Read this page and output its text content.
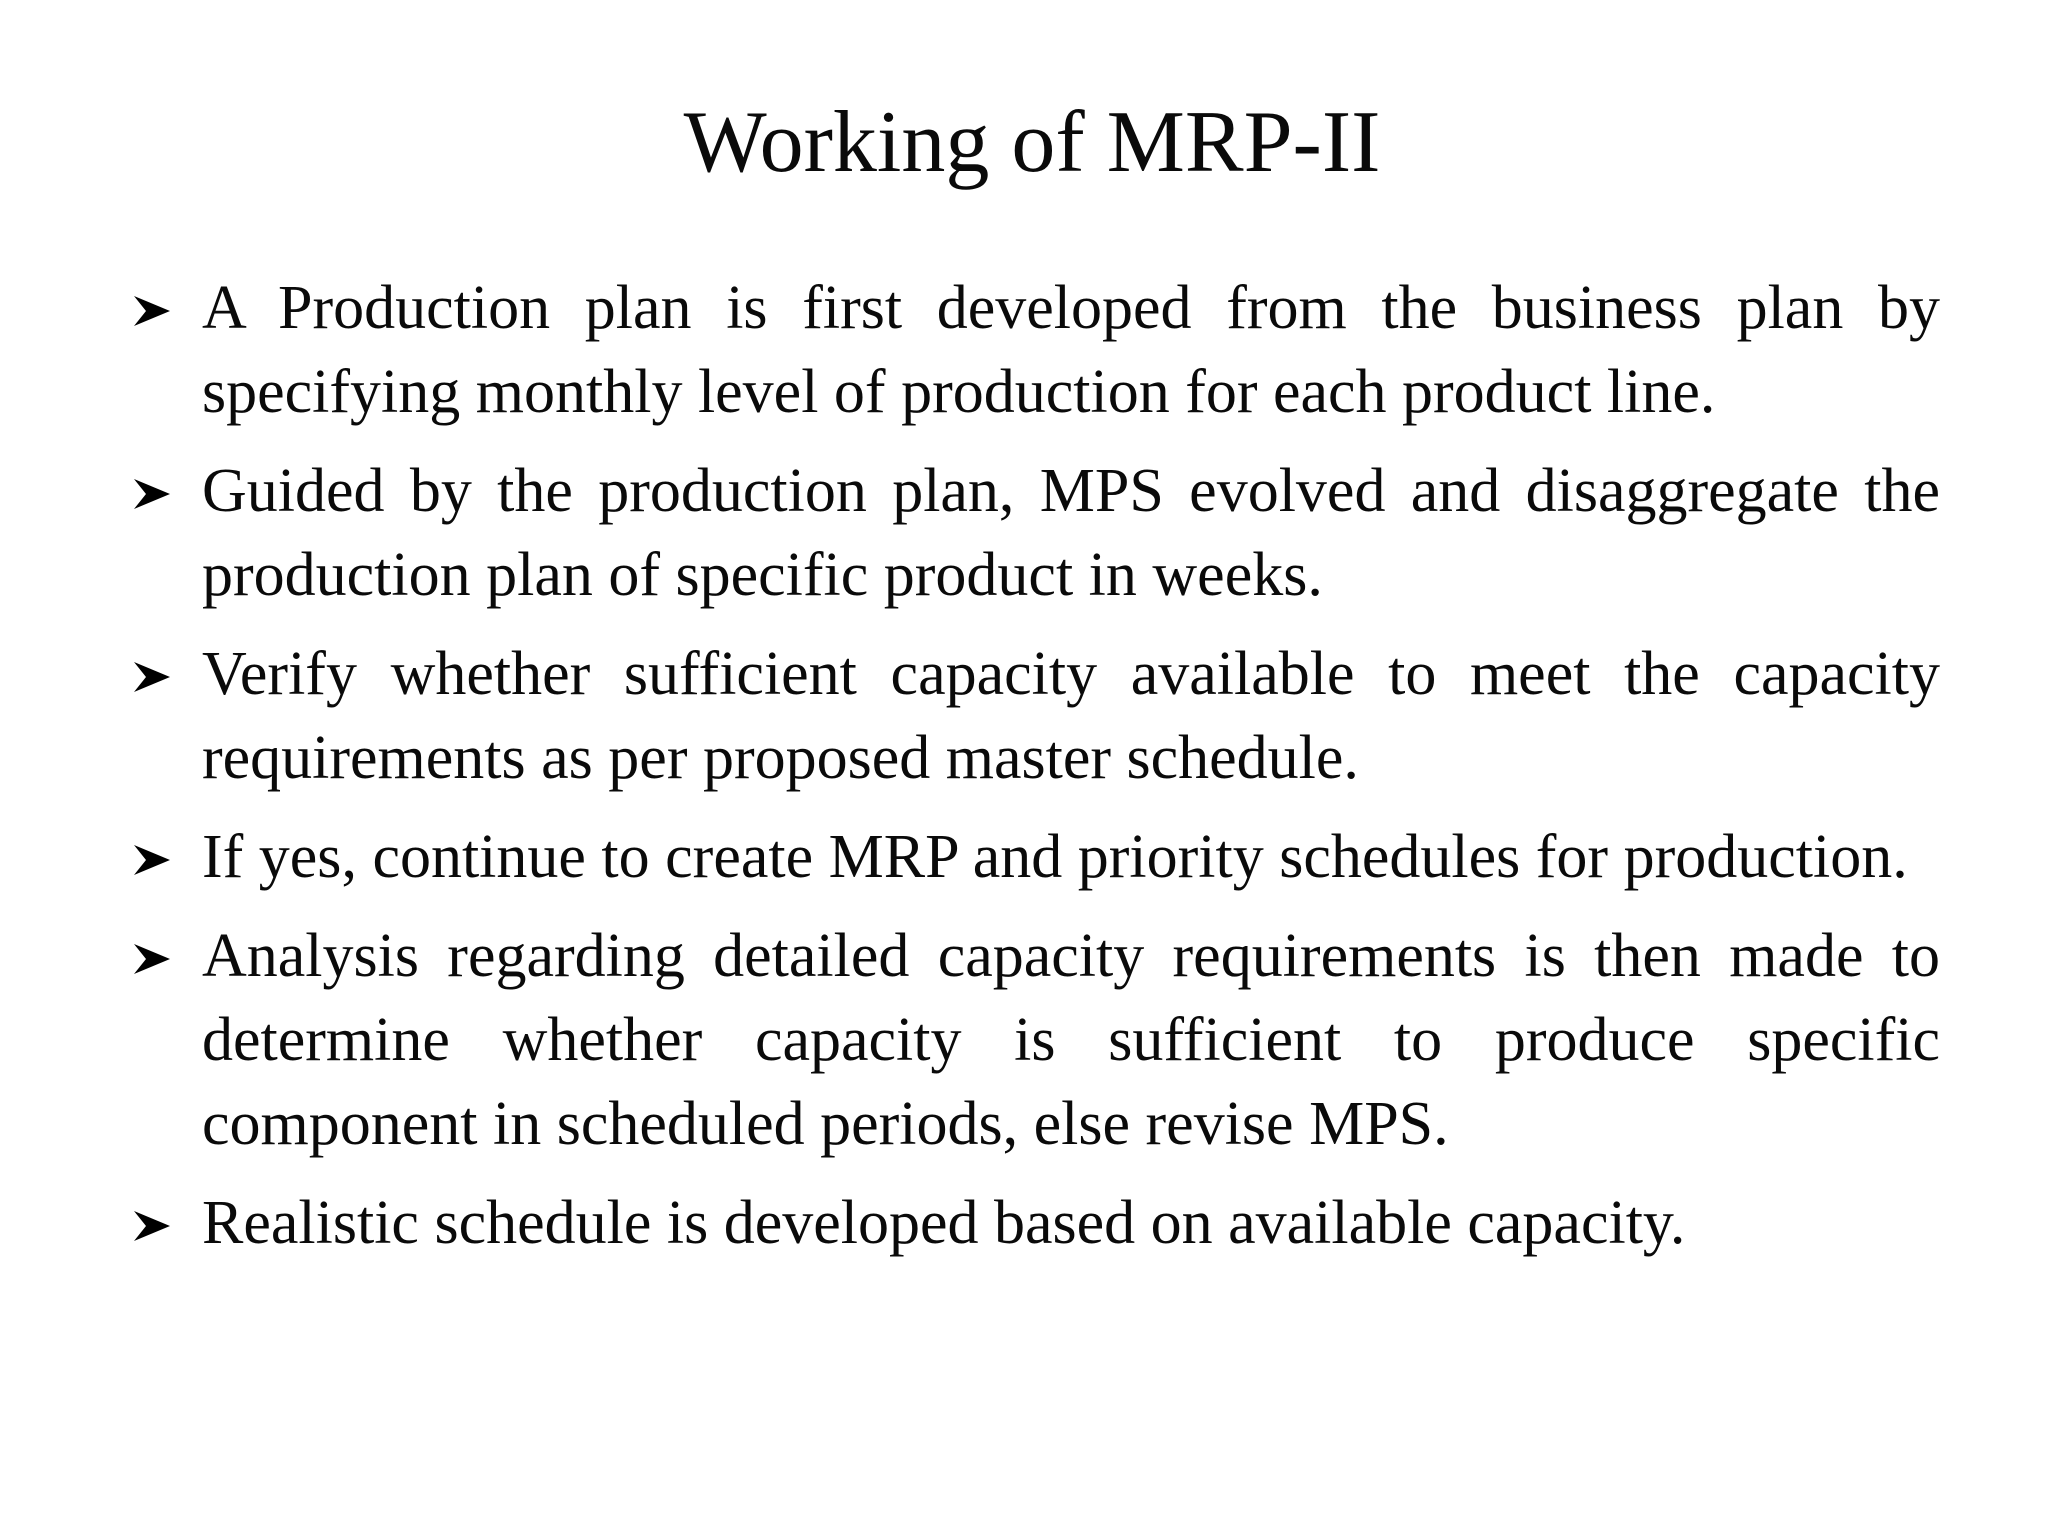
Working of MRP-II
A Production plan is first developed from the business plan by specifying monthly level of production for each product line.
Guided by the production plan, MPS evolved and disaggregate the production plan of specific product in weeks.
Verify whether sufficient capacity available to meet the capacity requirements as per proposed master schedule.
If yes, continue to create MRP and priority schedules for production.
Analysis regarding detailed capacity requirements is then made to determine whether capacity is sufficient to produce specific component in scheduled periods, else revise MPS.
Realistic schedule is developed based on available capacity.
